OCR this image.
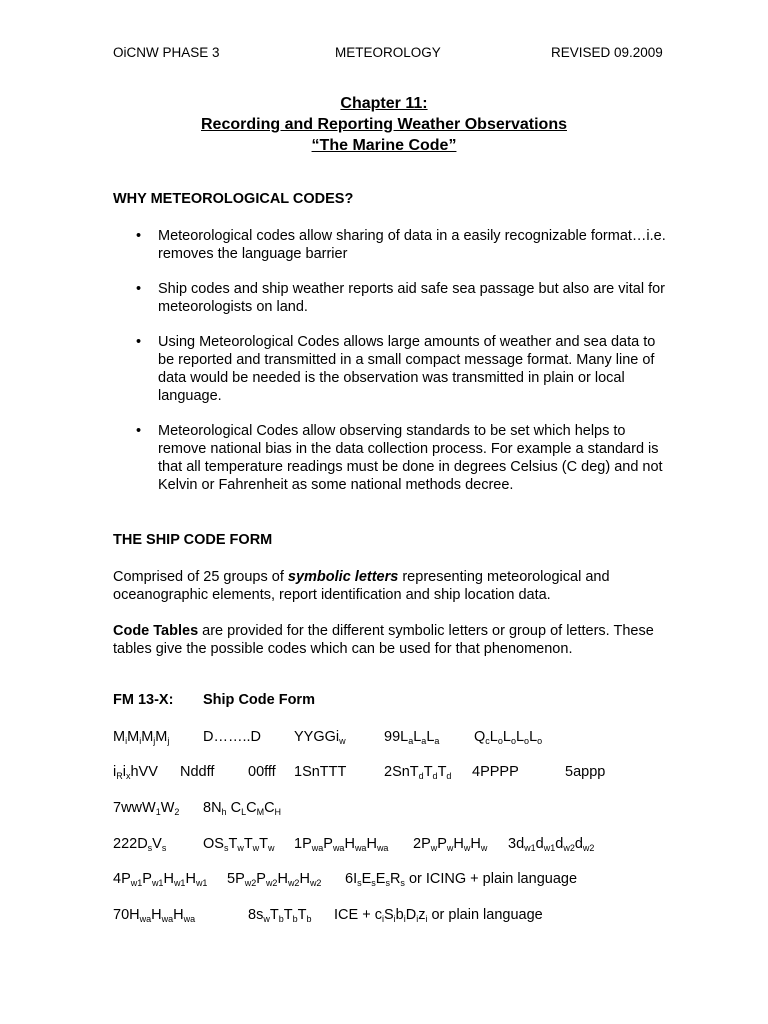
OiCNW PHASE 3	METEOROLOGY	REVISED 09.2009
Chapter 11:
Recording and Reporting Weather Observations
“The Marine Code”
WHY METEOROLOGICAL CODES?
• Meteorological codes allow sharing of data in a easily recognizable format…i.e. removes the language barrier
• Ship codes and ship weather reports aid safe sea passage but also are vital for meteorologists on land.
• Using Meteorological Codes allows large amounts of weather and sea data to be reported and transmitted in a small compact message format. Many line of data would be needed is the observation was transmitted in plain or local language.
• Meteorological Codes allow observing standards to be set which helps to remove national bias in the data collection process. For example a standard is that all temperature readings must be done in degrees Celsius (C deg) and not Kelvin or Fahrenheit as some national methods decree.
THE SHIP CODE FORM
Comprised of 25 groups of symbolic letters representing meteorological and oceanographic elements, report identification and ship location data.
Code Tables are provided for the different symbolic letters or group of letters. These tables give the possible codes which can be used for that phenomenon.
FM 13-X: Ship Code Form
$M_iM_iM_jM_j$ D……..D YYGGi$_w$	$99L_aL_aL_a$ $Q_cL_oL_oL_oL_o$
$i_Ri_xhVV$ Nddff 00fff 1SnTTT	$2SnT_dT_dT_d$ 4PPPP	5appp
$7wwW_1W_2$ $8N_h$ $C_LC_MC_H$
$222D_sV_s$	$OS_sT_wT_wT_w$ $1P_{wa}P_{wa}H_{wa}H_{wa}$ $2P_wP_wH_wH_w$ $3d_{w1}d_{w1}d_{w2}d_{w2}$
$4P_{w1}P_{w1}H_{w1}H_{w1}$ $5P_{w2}P_{w2}H_{w2}H_{w2}$ $6I_sE_sE_sR_s$ or ICING + plain language
$70H_{wa}H_{wa}H_{wa}$	$8s_wT_bT_bT_b$ ICE + $c_iS_ib_iD_iz_i$ or plain language
